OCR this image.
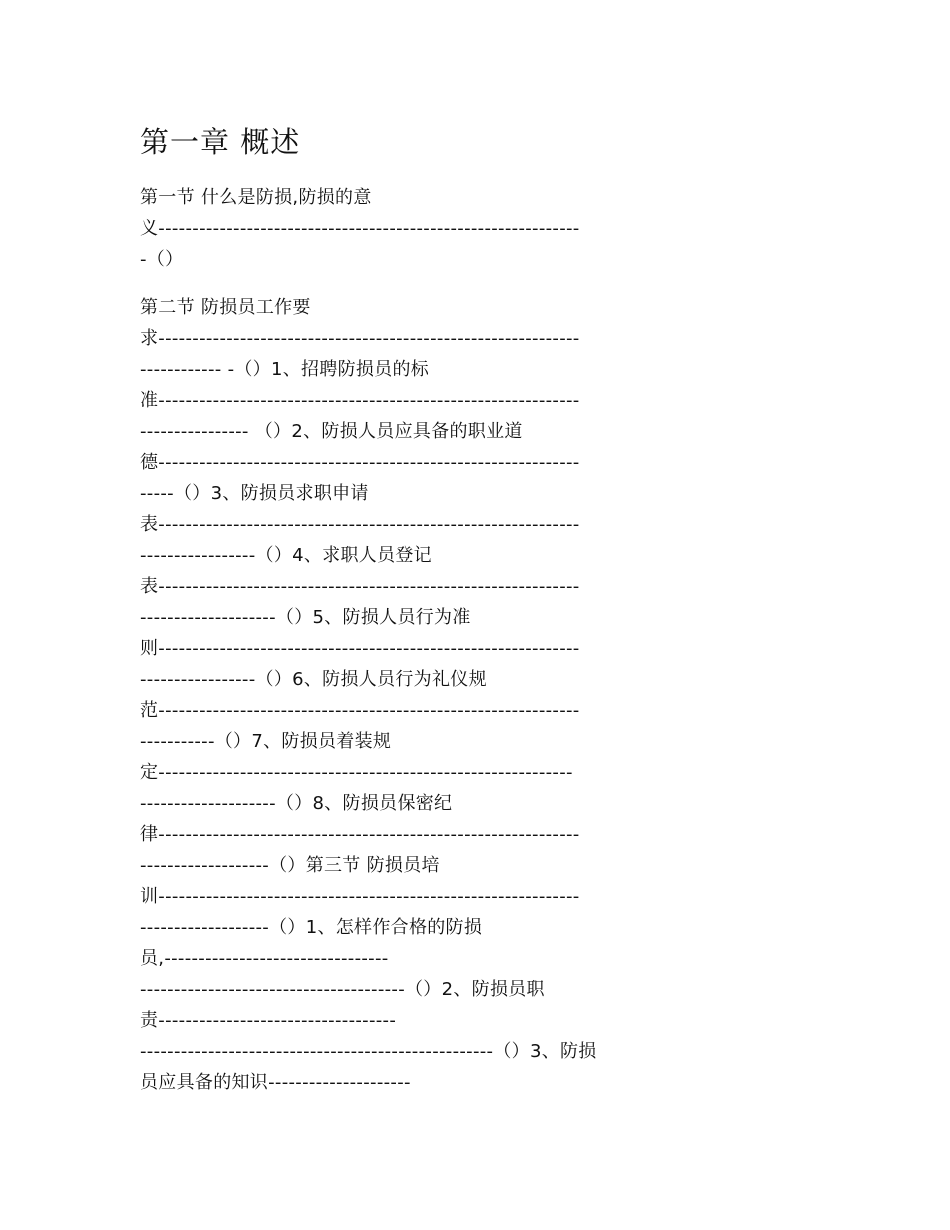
第一章 概述
第一节 什么是防损,防损的意
义--------------------------------------------------------------
-（）
第二节 防损员工作要
求--------------------------------------------------------------
------------ -（）1、招聘防损员的标
准--------------------------------------------------------------
---------------- （）2、防损人员应具备的职业道
德--------------------------------------------------------------
-----（）3、防损员求职申请
表--------------------------------------------------------------
-----------------（）4、求职人员登记
表--------------------------------------------------------------
--------------------（）5、防损人员行为准
则--------------------------------------------------------------
-----------------（）6、防损人员行为礼仪规
范--------------------------------------------------------------
-----------（）7、防损员着装规
定-------------------------------------------------------------
--------------------（）8、防损员保密纪
律--------------------------------------------------------------
-------------------（）第三节 防损员培
训--------------------------------------------------------------
-------------------（）1、怎样作合格的防损
员,---------------------------------
---------------------------------------（）2、防损员职
责-----------------------------------
----------------------------------------------------（）3、防损
员应具备的知识---------------------
